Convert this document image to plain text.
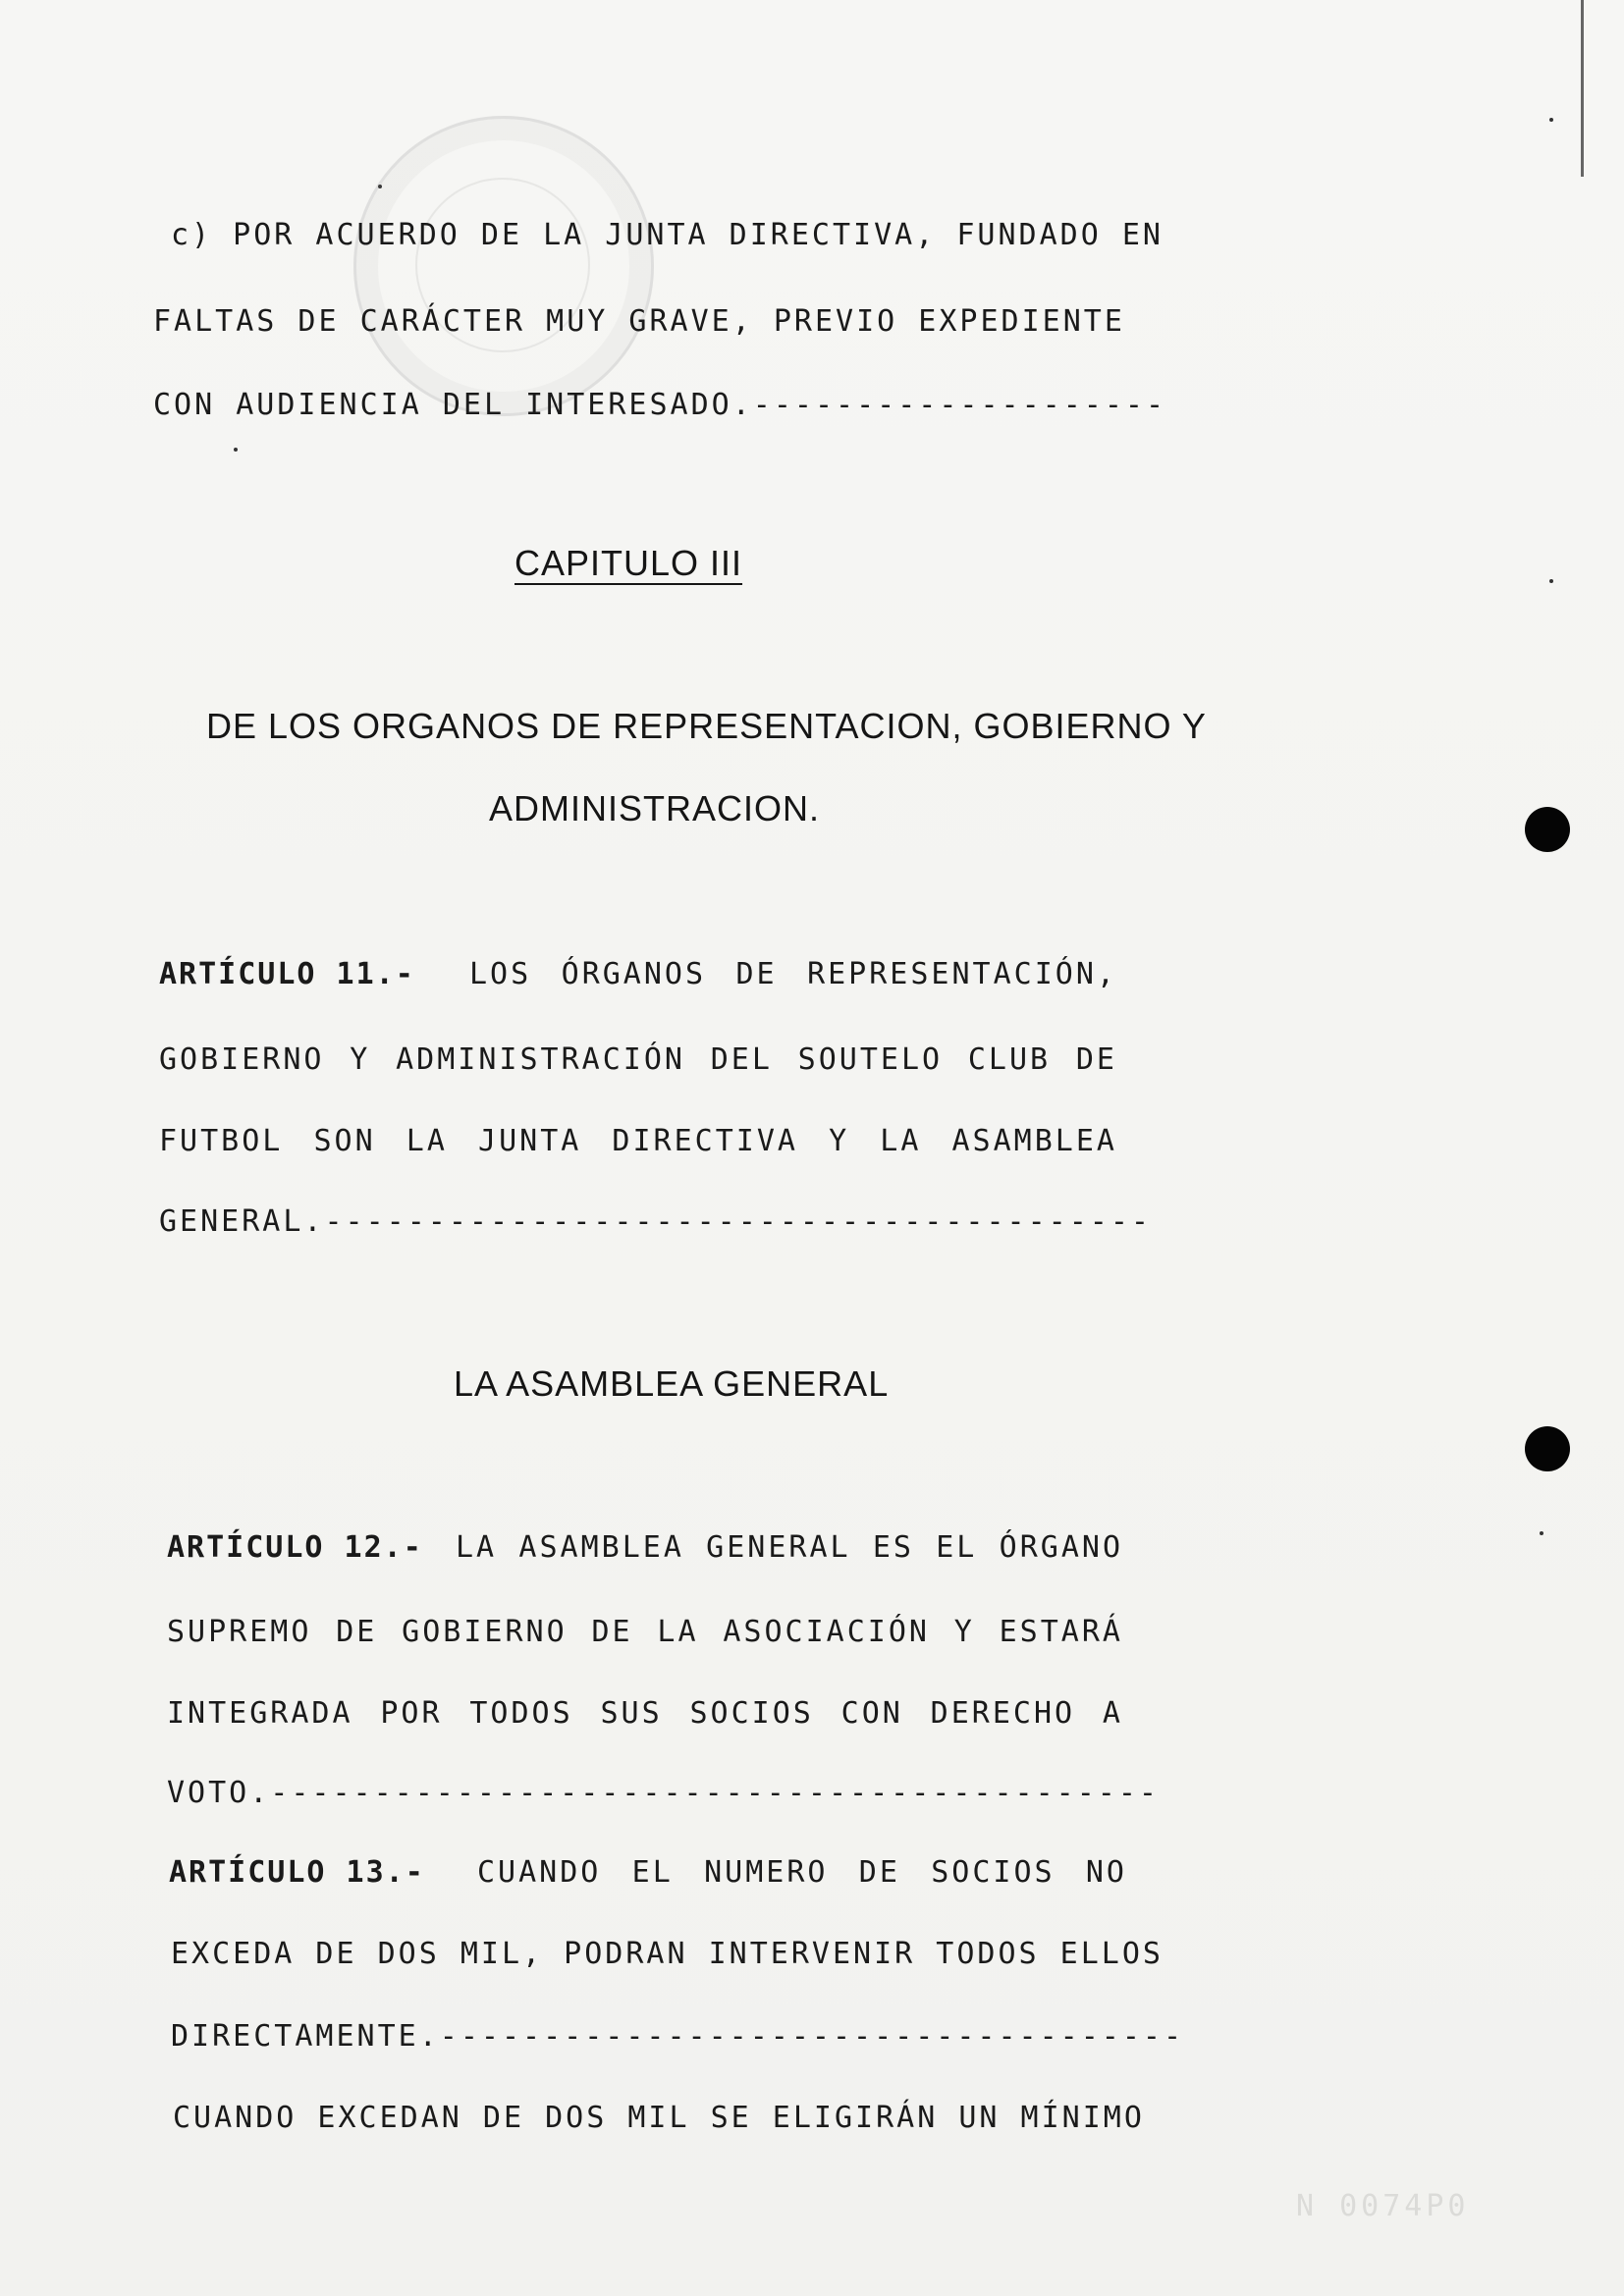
c) POR ACUERDO DE LA JUNTA DIRECTIVA, FUNDADO EN
FALTAS DE CARÁCTER MUY GRAVE, PREVIO EXPEDIENTE
CON AUDIENCIA DEL INTERESADO.--------------------
CAPITULO III
DE LOS ORGANOS DE REPRESENTACION, GOBIERNO Y
ADMINISTRACION.
ARTÍCULO 11.- LOS ÓRGANOS DE REPRESENTACIÓN,
GOBIERNO Y ADMINISTRACIÓN DEL SOUTELO CLUB DE
FUTBOL SON LA JUNTA DIRECTIVA Y LA ASAMBLEA
GENERAL.----------------------------------------
LA ASAMBLEA GENERAL
ARTÍCULO 12.- LA ASAMBLEA GENERAL ES EL ÓRGANO
SUPREMO DE GOBIERNO DE LA ASOCIACIÓN Y ESTARÁ
INTEGRADA POR TODOS SUS SOCIOS CON DERECHO A
VOTO.-------------------------------------------
ARTÍCULO 13.- CUANDO EL NUMERO DE SOCIOS NO
EXCEDA DE DOS MIL, PODRAN INTERVENIR TODOS ELLOS
DIRECTAMENTE.------------------------------------
CUANDO EXCEDAN DE DOS MIL SE ELIGIRÁN UN MÍNIMO
N 0074P0
